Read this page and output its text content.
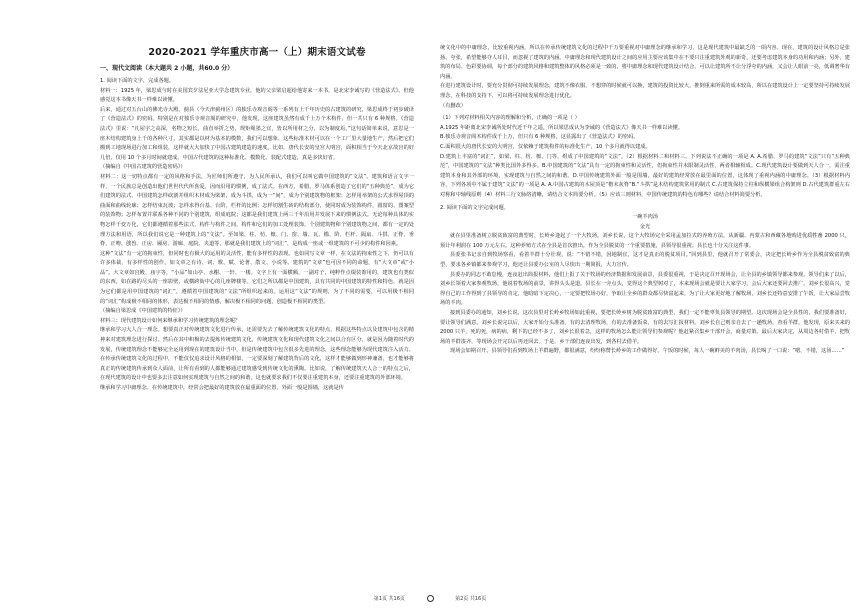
2020-2021 学年重庆市高一（上）期末语文试卷
一、现代文阅读（本大题共 2 小题，共60.0 分）
1. 阅读下面的文字，完成各题。
材料一：1925 年，梁思成与时在美国宾夕法尼亚大学念建筑专业。他的父亲梁启超给他寄来一本书，是北宋李诫写的《营造法式》。但他感觉这本书像天书一样难以读懂。
后来，通过对五台山的佛光寺大殿、蓟县（今天津蓟州区）的独乐寺观音阁等一系列有上千年历史的古建筑的研究，梁思成终于初步破译了《营造法式》的密码。特别是在对独乐寺观音阁的研究中，他发现，这座建筑虽然有成千上万个木构件，但一共只有 6 种规格。《营造法式》里说：“凡屋宇之高深，名物之短长，曲直举折之势，规矩绳墨之宜，皆以所用材之分，以为制度焉。”这句话简单来说，意思是一座木结构建筑身上千的各种尺寸，其实都是以材为基本的模数，我们可以想象，这些标准木材可以在一个工厂里大量地生产，然后把它们搬到工地现场进行加工和组装，这样就大大加快了中国古建筑建造的速度。比如，唐代长安的皇宫大明宫，面积相当于今天北京故宫的好几倍，仅用 10 个多月时间就建成。中国古代建筑的这种标准化、模数化、装配式建造，真是多快好省。
（摘编自《中国古建筑的营造密码》）
材料二：这一切特点都有一定的风格和手法，为匠师们所遵守，为人民所承认，我们可以叫它做中国建筑的“文法”。建筑和语言文字一样，一个民族总是创造出他们世世代代所喜爱，因而沿用的惯例，成了法式。在西方，希腊、罗马体系创造了它们的“五种典范”，成为它们建筑的法式。中国建筑怎样砍割并组织木材成为梁架，成为斗拱，成为一“间”，成为个别建筑物的框架；怎样用举架的公式求得屋顶的曲面和曲线轮廓；怎样结束瓦坡；怎样求得台基、台阶、栏杆的比例；怎样切割生砖的结构部分，使同时成为装饰构件，圆窗的、图案型的装饰物；怎样布置并联系各种不同的个别建筑，组成庭院；这都是我们建筑上两三千年沿用并发展下来的惯例法式。无论每种具体的实物怎样千变万化，它们都遵循着那些法式，构件与构件之间，构件和它们的加工处理装饰，个别建筑物和个别建筑物之间，都有一定的处理方法和用语，所以我们说它是一种建筑上的“文法”。至如梁、柱、枋、檩、门、窗、墙、瓦、槛、阶、栏杆、隔扇、斗拱、正脊、垂脊、正吻、戗兽、正房、厢房、游廊、庭院、夹道等，那就是我们建筑上的“词汇”，是构成一座或一组建筑的不可少的构件和因素。
这种“文法”有一定的拘束性，但同时也有极大的运用的灵活性，能有多样性的表现。也如同写文章一样，在文法的拘束性之下，仍可以有许多体裁，有多样性的创作，如文章之有诗、词、歌、赋、论著、散文、小说等。建筑的“文章”也可因不同的命题，有“大文章”或“小品”。大文章如宫殿、庙宇等，“小品”如山亭、水榭、一轩、一楼。文字上有一面横额，一副对子，纯粹作点缀装饰用的，建筑也有类似的东西，如在路的尽头的一座影壁，或横跨街中心的几座牌楼等。它们之所以都是中国建筑，具有共同的中国建筑的特性和特色，就是因为它们都是用中国建筑的“词汇”，遵循着中国建筑的“文法”所组织起来的。运用这“文法”的规则，为了不同的需要，可以用极不相同的“词汇”构成极不相同的体形，表达极不相同的情感，解决极不相同的问题，创造极不相同的类型。
（摘编自梁思成《中国建筑的特征》）
材料三：现代建筑设计如何来继承和学习传统建筑的理念呢？
继承和学习大人合一理念。想要真正对传统建筑文化进行传承，还需要先去了解传统建筑文化的特点，根据这些特点以及建筑中包含的精神来对建筑理念进行探讨。然后在其中积极的去提炼传统建筑文化，传统建筑文化和现代建筑文化之间以合有区分，就是因为随着时代的发展，传统建筑理念不能够完全运用到现在的建筑设计当中，但是传统建筑中包含很多先进的理念，这些理念能够为现代建筑注入活力。在传承传统建筑文化的过程中，不能仅仅追求设计风格的相似，一定要深刻了解建筑背后的文化，这样才能够做到形神兼备，也才能够将真正的传统建筑传承到众人面前，让所有看到的人都能够通过建筑感受到传统文化的熏陶。比如说，了解传统建筑天人合一的特点之后，在现代建筑的设计中也要多去注意如何实现建筑与自然之间的和谐，这也就要求我们不仅要注重建筑本身，还要注重建筑的外部环境。
继承和学习中庸理念。在传统建筑中，经常会把最好的建筑放在最重面的位置，外面一般是围墙，这就是传
统文化中的中庸理念，比较重视内涵，所以在传承传统建筑文化的过程中千万要重视对中庸理念的继承和学习，这是现代建筑中最缺乏的一项内容。现在，建筑的设计风格总是张扬、夸张，希望能够夺人耳目，而忽视了建筑的内涵。中庸理念和现代建筑设计之间的应用主要应该集中在不要只注重建筑外观的新奇，还要考虑建筑本身的功用和内涵；另外，建筑的布局、色彩要协调，每个部分的建筑风格和建筑整体的风格必须是一致的，将中庸理念和现代建筑设计结合，可以让建筑所不让分浮夸的内涵，又会让人眼前一亮，低调奢华有内涵。
在进行建筑设计时，要充分贯彻可持续发展理念，建筑不像衣服，不想穿的时候就可以换，建筑的投资比较大，推倒重来所需的成本较高，所以在建筑设计上一定要坚持可持续发展理念，在科技的支持下，可以将可持续发展理念进行优化。
（有删改）
（1）下列对材料相关内容的理解和分析，正确的一项是（ ）
A.1925 年距离北宋李诫所处时代近千年之遥，所以梁思成认为李诫的《营造法式》像天书一样难以读懂。
B.独乐寺观音阁木构件成千上万，但只有 6 种规格，这显露出了《营造法式》的密码。
C.面积很大的唐代长安的大明宫，仅依赖于建筑构件的标准化生产，10 个多月就得以建成。
D.建筑上丰富的“词汇”，如梁、柱、枋、檩、门等，组成了中国建筑的“文法”。（2）根据材料二和材料三，下列说法不正确的一项是 A. A.希腊、罗马的建筑“文法”只有“五种典范”，中国建筑的“文法”种类比国外多得多。B.中国建筑的“文法”具有一定的拘束性和灵活性，但拘束性并未限制灵活性，两者相辅相成。C.现代建筑设计要做到天人合一，需注重建筑本身和其外部的环境，实现建筑与自然之间的和谐。D.中国传统建筑外面一般是围墙，最好的建筑经常放在最里面的位置，这体现了重视内涵的中庸理念。（3）根据材料内容，下列各项中不属于建筑“文法”的一项是 A. A.中国古建筑的木屋顶是“檐末灰脊”B.“斗拱”是木结构建筑常用的制式 C.古建筑保持立柱和纵横梁组合构架则 D.古代建筑群重左右对称和中轴线原则（4）材料三行文脉络清晰，请结合文本简要分析。（5）应该三则材料，中国传统建筑的特色有哪些？请结合材料简要分析。
2. 阅读下面的文字完成问题。
一碗羊肉汤
金光
就在县里准备树立脱贫致富的典型时，长岭乡逢起了一个大牧场。刘乡长说，这个大牧场完全采用孟加拉式的养殖方法，从新疆、内蒙古和西藏各地购进优质牲畜 2000 只，预计年利润在 100 万元左右。这种养殖方式在全县是首次推出。作为全县脱贫的一个重要措施，县领导很重视。县长也十分关注这件事。
县委张书记亲自到牧场察看，看着羊群十分壮观，说：“不错不错，因地制宜，这才是真正的脱贫项目。”回到县里，他就召开了常委会，决定把长岭乡作为全县脱贫致富的典型，要求各乡镇都来参观学习，他还让县委办公室的人尽快出一期简报，大力宣传。
县委办的同志不敢怠慢，连夜赶出简报材料，他们上报了关于牧场的经济数据和发展前景，县委很重视，于是决定召开现场会，让全县的乡镇领导都来参观。领导们来了以后，刘乡长领着大家参观牧场，他说着牧场的前景，讲得头头是道。县长在一旁点头，觉得这个典型树对了，本来现场会就是要让大家学习，会后大家还要回去推广。刘乡长很高兴，觉得自己的工作得到了县领导的肯定，他暗暗下定决心，一定要把牧场办好，争取让全乡的群众都尽快富起来。为了让大家更好地了解牧场，刘乡长还特意安排了午饭，让大家品尝牧场的羊肉。
接到县委办的通知，刘乡长说，这次县里对长岭乡牧场如此重视，要把长岭乡树为脱贫致富的典型，我们一定不能辜负县领导的期望。这次现场会是全县性的，我们要准备好，要让领导们满意。刘乡长说完以后，大家开始分头准备。有的去清理牧场，有的去准备饭菜，有的去写汇报材料。刘乡长自己则亲自去了一趟牧场，查看羊群。他发现，原来买来的 2000 只羊，死的死，病的病，剩下的已经不多了，刘乡长很着急，这样的牧场怎么能让领导们参观呢？他赶紧召集乡干部开会，商量对策。最后大家决定，从周边各村借羊，把牧场的羊群凑齐，等现场会开完以后再还回去。于是，乡干部们连夜出发，到各村去借羊。
现场会如期召开。县领导们看到牧场上羊群遍野，都很满意，纷纷称赞长岭乡的工作做得好。午饭的时候，每人一碗鲜美的羊肉汤，县长喝了一口说：“嗯，不错，这汤……”
第1页 共16页	第2页 共16页
